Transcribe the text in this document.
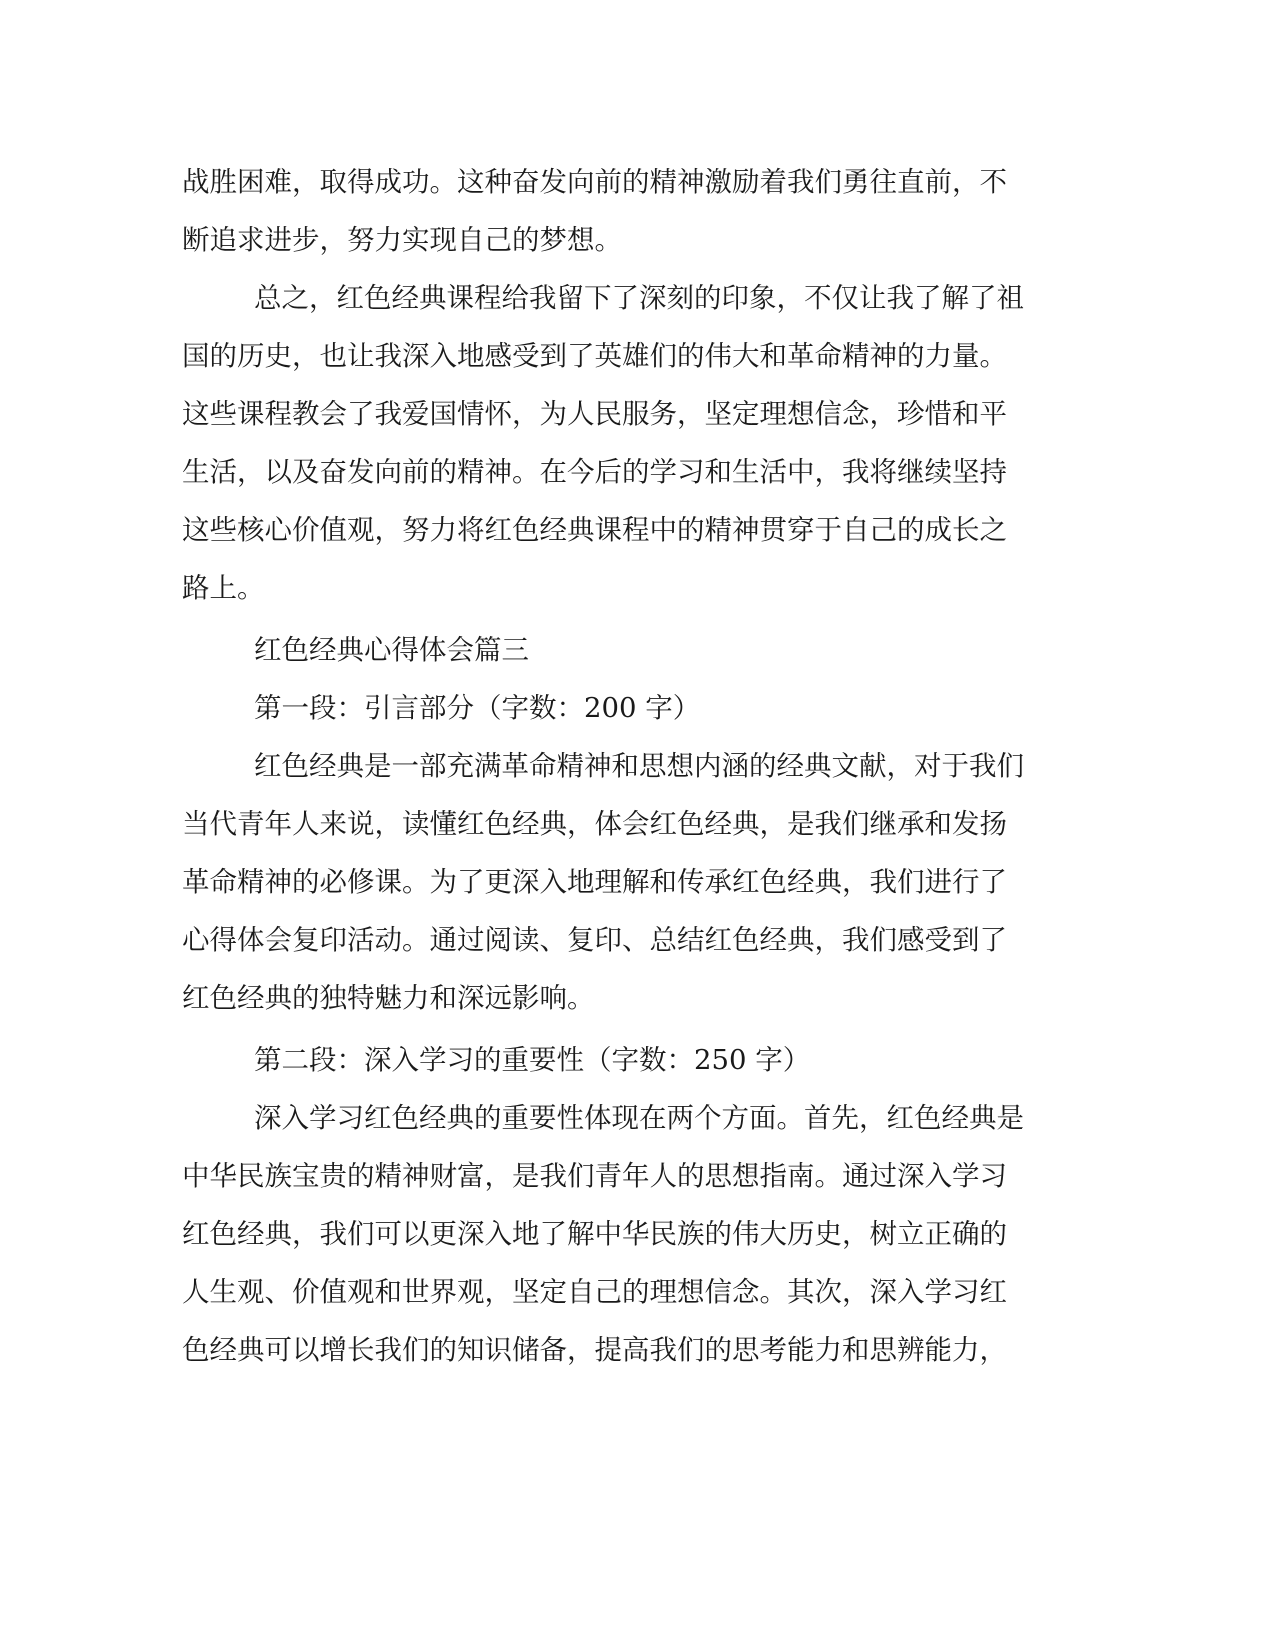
战胜困难，取得成功。这种奋发向前的精神激励着我们勇往直前，不
断追求进步，努力实现自己的梦想。
总之，红色经典课程给我留下了深刻的印象，不仅让我了解了祖
国的历史，也让我深入地感受到了英雄们的伟大和革命精神的力量。
这些课程教会了我爱国情怀，为人民服务，坚定理想信念，珍惜和平
生活，以及奋发向前的精神。在今后的学习和生活中，我将继续坚持
这些核心价值观，努力将红色经典课程中的精神贯穿于自己的成长之
路上。
红色经典心得体会篇三
第一段：引言部分（字数：200 字）
红色经典是一部充满革命精神和思想内涵的经典文献，对于我们
当代青年人来说，读懂红色经典，体会红色经典，是我们继承和发扬
革命精神的必修课。为了更深入地理解和传承红色经典，我们进行了
心得体会复印活动。通过阅读、复印、总结红色经典，我们感受到了
红色经典的独特魅力和深远影响。
第二段：深入学习的重要性（字数：250 字）
深入学习红色经典的重要性体现在两个方面。首先，红色经典是
中华民族宝贵的精神财富，是我们青年人的思想指南。通过深入学习
红色经典，我们可以更深入地了解中华民族的伟大历史，树立正确的
人生观、价值观和世界观，坚定自己的理想信念。其次，深入学习红
色经典可以增长我们的知识储备，提高我们的思考能力和思辨能力，
